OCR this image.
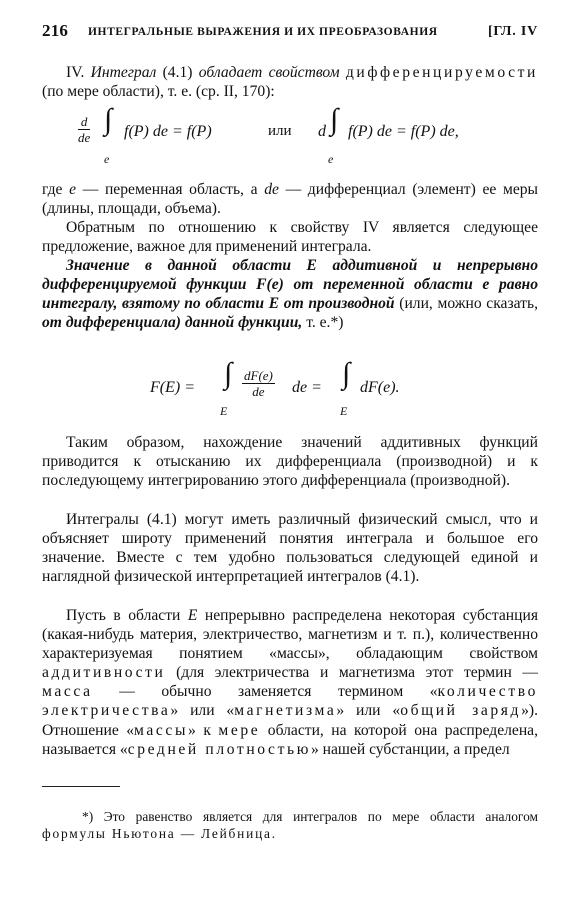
216 ИНТЕГРАЛЬНЫЕ ВЫРАЖЕНИЯ И ИХ ПРЕОБРАЗОВАНИЯ	[ГЛ. IV

IV. Интеграл (4.1) обладает свойством дифференцируемости (по мере области), т. е. (ср. II, 170):

$\frac{d}{de}$ ∫
e
f(P) de = f(P)	или d ∫
e
f(P) de = f(P) de,

где e — переменная область, а de — дифференциал (элемент) ее меры (длины, площади, объема).

Обратным по отношению к свойству IV является следующее предложение, важное для применений интеграла.

Значение в данной области E аддитивной и непрерывно дифференцируемой функции F(e) от переменной области e равно интегралу, взятому по области E от производной (или, можно сказать, от дифференциала) данной функции, т. е.*)

F(E) = ∫
E
$\frac{dF(e)}{de}$ de = ∫
E
dF(e).

Таким образом, нахождение значений аддитивных функций приводится к отысканию их дифференциала (производной) и к последующему интегрированию этого дифференциала (производной).

Интегралы (4.1) могут иметь различный физический смысл, что и объясняет широту применений понятия интеграла и большое его значение. Вместе с тем удобно пользоваться следующей единой и наглядной физической интерпретацией интегралов (4.1).

Пусть в области E непрерывно распределена некоторая субстанция (какая-нибудь материя, электричество, магнетизм и т. п.), количественно характеризуемая понятием «массы», обладающим свойством аддитивности (для электричества и магнетизма этот термин — масса — обычно заменяется термином «количество электричества» или «магнетизма» или «общий заряд»). Отношение «массы» к мере области, на которой она распределена, называется «средней плотностью» нашей субстанции, а предел

*) Это равенство является для интегралов по мере области аналогом формулы Ньютона — Лейбница.
